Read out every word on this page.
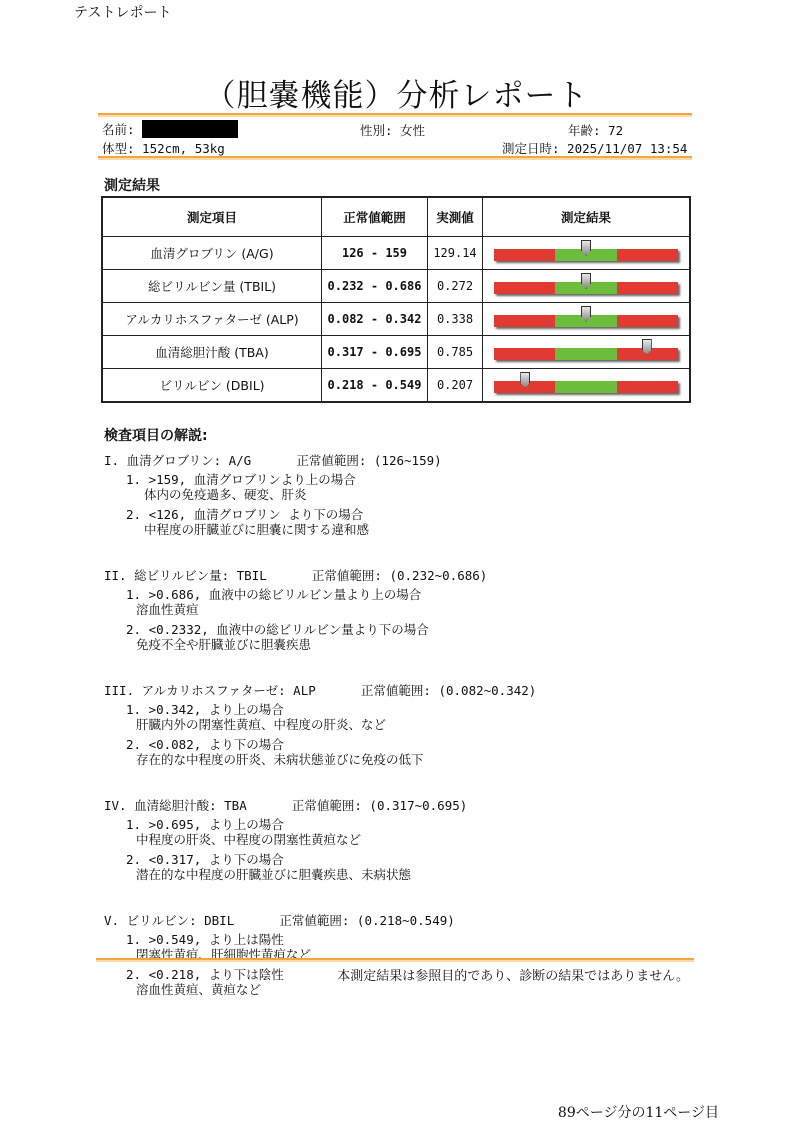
テストレポート
（胆嚢機能）分析レポート
名前:	性別: 女性	年齢: 72
体型: 152cm, 53kg	測定日時: 2025/11/07 13:54
測定結果
測定項目	正常値範囲	実測値	測定結果
血清グロブリン (A/G)	126 - 159	129.14	

総ビリルビン量 (TBIL)	0.232 - 0.686	0.272	

アルカリホスファターゼ (ALP)	0.082 - 0.342	0.338	

血清総胆汁酸 (TBA)	0.317 - 0.695	0.785	

ビリルビン (DBIL)	0.218 - 0.549	0.207	
検査項目の解説:
I. 血清グロブリン: A/G      正常値範囲: (126~159)
1. >159, 血清グロブリンより上の場合
体内の免疫過多、硬変、肝炎
2. <126, 血清グロブリン より下の場合
中程度の肝臓並びに胆嚢に関する違和感
II. 総ビリルビン量: TBIL      正常値範囲: (0.232~0.686)
1. >0.686, 血液中の総ビリルビン量より上の場合
溶血性黄疸
2. <0.2332, 血液中の総ビリルビン量より下の場合
免疫不全や肝臓並びに胆嚢疾患
III. アルカリホスファターゼ: ALP      正常値範囲: (0.082~0.342)
1. >0.342, より上の場合
肝臓内外の閉塞性黄疸、中程度の肝炎、など
2. <0.082, より下の場合
存在的な中程度の肝炎、未病状態並びに免疫の低下
IV. 血清総胆汁酸: TBA      正常値範囲: (0.317~0.695)
1. >0.695, より上の場合
中程度の肝炎、中程度の閉塞性黄疸など
2. <0.317, より下の場合
潜在的な中程度の肝臓並びに胆嚢疾患、未病状態
V. ビリルビン: DBIL      正常値範囲: (0.218~0.549)
1. >0.549, より上は陽性
閉塞性黄疸、肝細胞性黄疸など
2. <0.218, より下は陰性
溶血性黄疸、黄疸など
本測定結果は参照目的であり、診断の結果ではありません。
89ページ分の11ページ目
